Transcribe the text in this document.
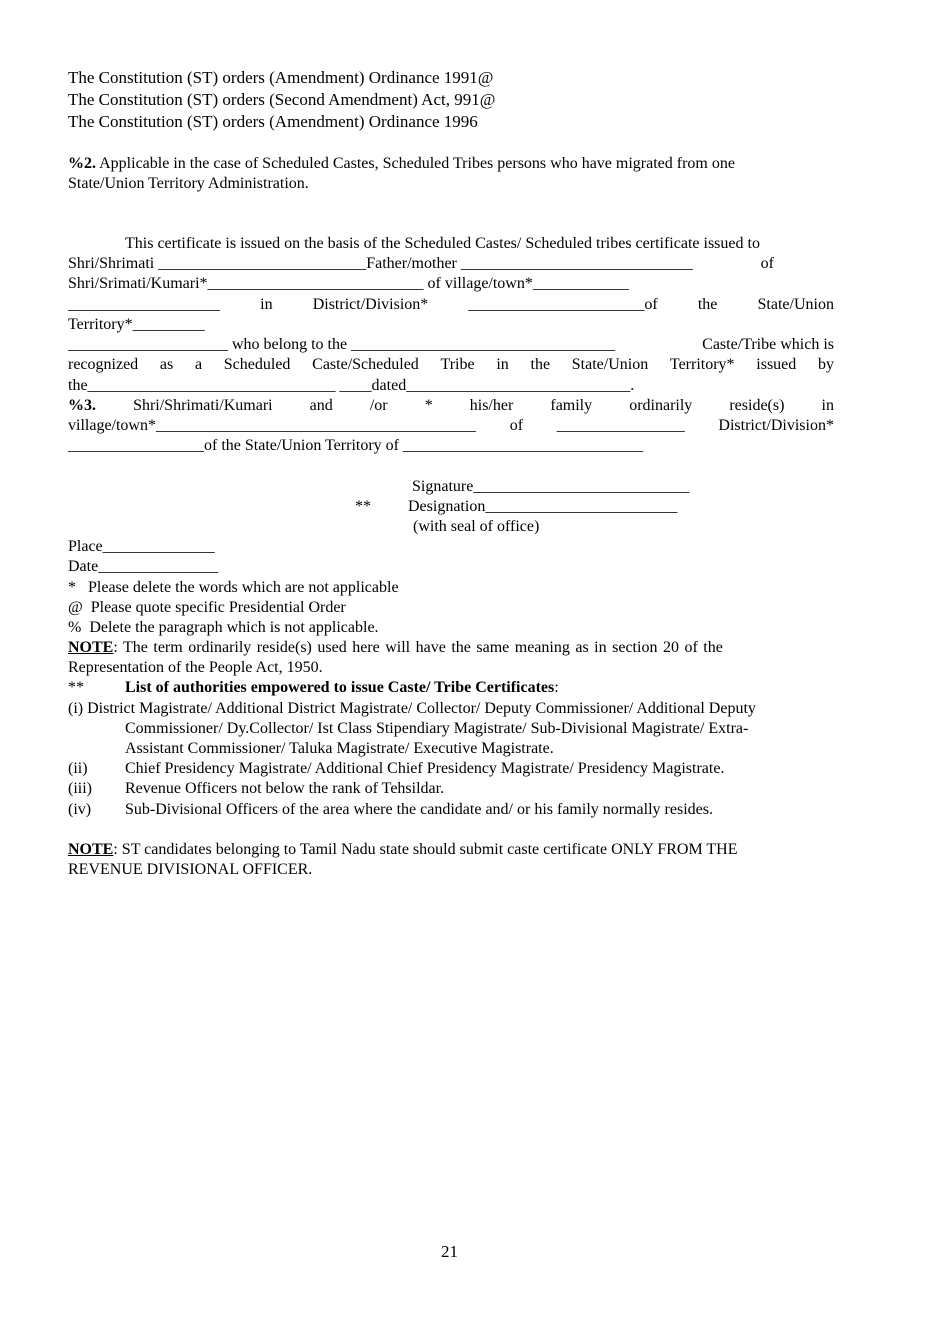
The Constitution (ST) orders (Amendment) Ordinance 1991@
The Constitution (ST) orders (Second Amendment) Act, 991@
The Constitution (ST) orders (Amendment) Ordinance 1996
%2. Applicable in the case of Scheduled Castes, Scheduled Tribes persons who have migrated from one
State/Union Territory Administration.
This certificate is issued on the basis of the Scheduled Castes/ Scheduled tribes certificate issued to
Shri/Shrimati __________________________Father/mother _____________________________	of
Shri/Srimati/Kumari*___________________________ of village/town*____________
___________________	in	District/Division*	______________________of	the	State/Union
Territory*_________
____________________ who belong to the _________________________________	Caste/Tribe which is
recognized as a Scheduled Caste/Scheduled Tribe in the State/Union Territory* issued by
the_______________________________ ____dated____________________________.
%3. Shri/Shrimati/Kumari and /or * his/her family ordinarily reside(s) in
village/town*________________________________________ of ________________ District/Division*
_________________of the State/Union Territory of ______________________________
Signature___________________________
** Designation________________________
(with seal of office)
Place______________
Date_______________
* Please delete the words which are not applicable
@ Please quote specific Presidential Order
% Delete the paragraph which is not applicable.
NOTE: The term ordinarily reside(s) used here will have the same meaning as in section 20 of the
Representation of the People Act, 1950.
**	List of authorities empowered to issue Caste/ Tribe Certificates:
(i) District Magistrate/ Additional District Magistrate/ Collector/ Deputy Commissioner/ Additional Deputy
Commissioner/ Dy.Collector/ Ist Class Stipendiary Magistrate/ Sub-Divisional Magistrate/ Extra-
Assistant Commissioner/ Taluka Magistrate/ Executive Magistrate.
(ii) Chief Presidency Magistrate/ Additional Chief Presidency Magistrate/ Presidency Magistrate.
(iii) Revenue Officers not below the rank of Tehsildar.
(iv) Sub-Divisional Officers of the area where the candidate and/ or his family normally resides.
NOTE: ST candidates belonging to Tamil Nadu state should submit caste certificate ONLY FROM THE
REVENUE DIVISIONAL OFFICER.
21
